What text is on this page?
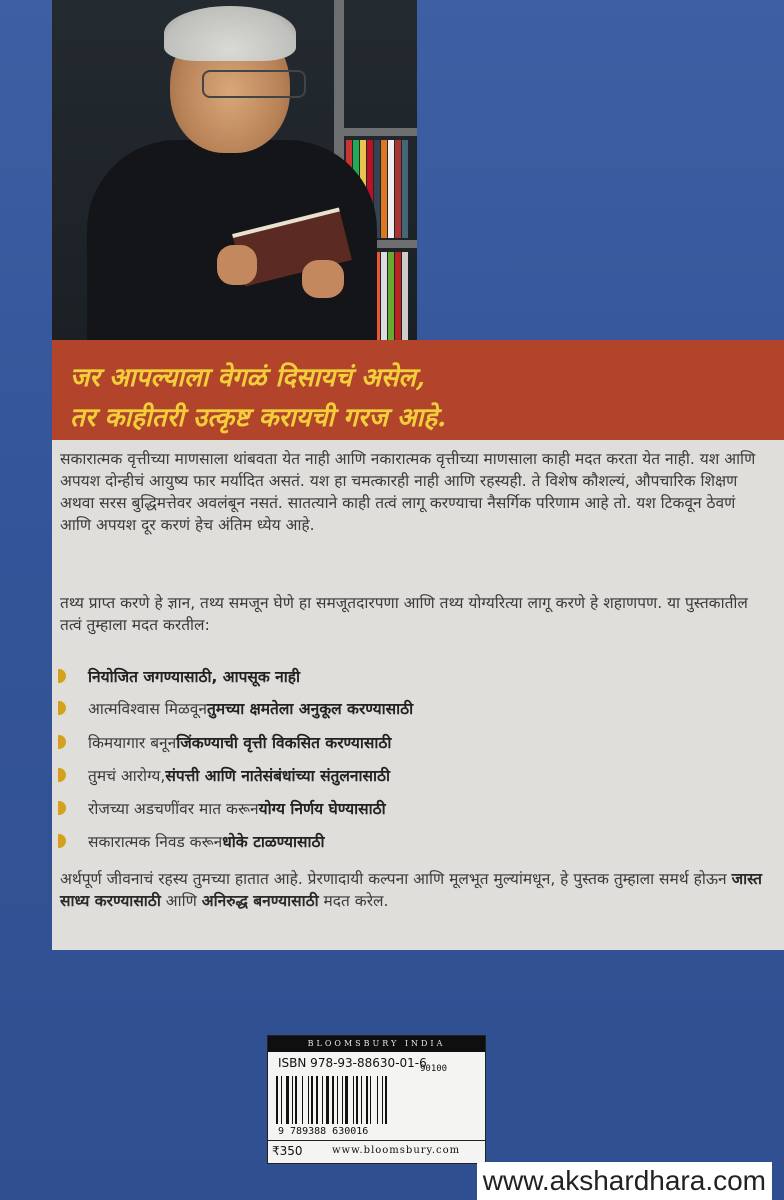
जर आपल्याला वेगळं दिसायचं असेल,
तर काहीतरी उत्कृष्ट करायची गरज आहे.

सकारात्मक वृत्तीच्या माणसाला थांबवता येत नाही आणि नकारात्मक वृत्तीच्या माणसाला काही मदत करता येत नाही. यश आणि अपयश दोन्हीचं आयुष्य फार मर्यादित असतं. यश हा चमत्कारही नाही आणि रहस्यही. ते विशेष कौशल्यं, औपचारिक शिक्षण अथवा सरस बुद्धिमत्तेवर अवलंबून नसतं. सातत्याने काही तत्वं लागू करण्याचा नैसर्गिक परिणाम आहे तो. यश टिकवून ठेवणं आणि अपयश दूर करणं हेच अंतिम ध्येय आहे.

तथ्य प्राप्त करणे हे ज्ञान, तथ्य समजून घेणे हा समजूतदारपणा आणि तथ्य योग्यरित्या लागू करणे हे शहाणपण. या पुस्तकातील तत्वं तुम्हाला मदत करतील:

नियोजित जगण्यासाठी, आपसूक नाही
आत्मविश्वास मिळवून तुमच्या क्षमतेला अनुकूल करण्यासाठी
किमयागार बनून जिंकण्याची वृत्ती विकसित करण्यासाठी
तुमचं आरोग्य, संपत्ती आणि नातेसंबंधांच्या संतुलनासाठी
रोजच्या अडचणींवर मात करून योग्य निर्णय घेण्यासाठी
सकारात्मक निवड करून धोके टाळण्यासाठी

अर्थपूर्ण जीवनाचं रहस्य तुमच्या हातात आहे. प्रेरणादायी कल्पना आणि मूलभूत मुल्यांमधून, हे पुस्तक तुम्हाला समर्थ होऊन जास्त साध्य करण्यासाठी आणि अनिरुद्ध बनण्यासाठी मदत करेल.

BLOOMSBURY INDIA
ISBN 978-93-88630-01-6
90100
9 789388 630016
₹350	www.bloomsbury.com
www.akshardhara.com
